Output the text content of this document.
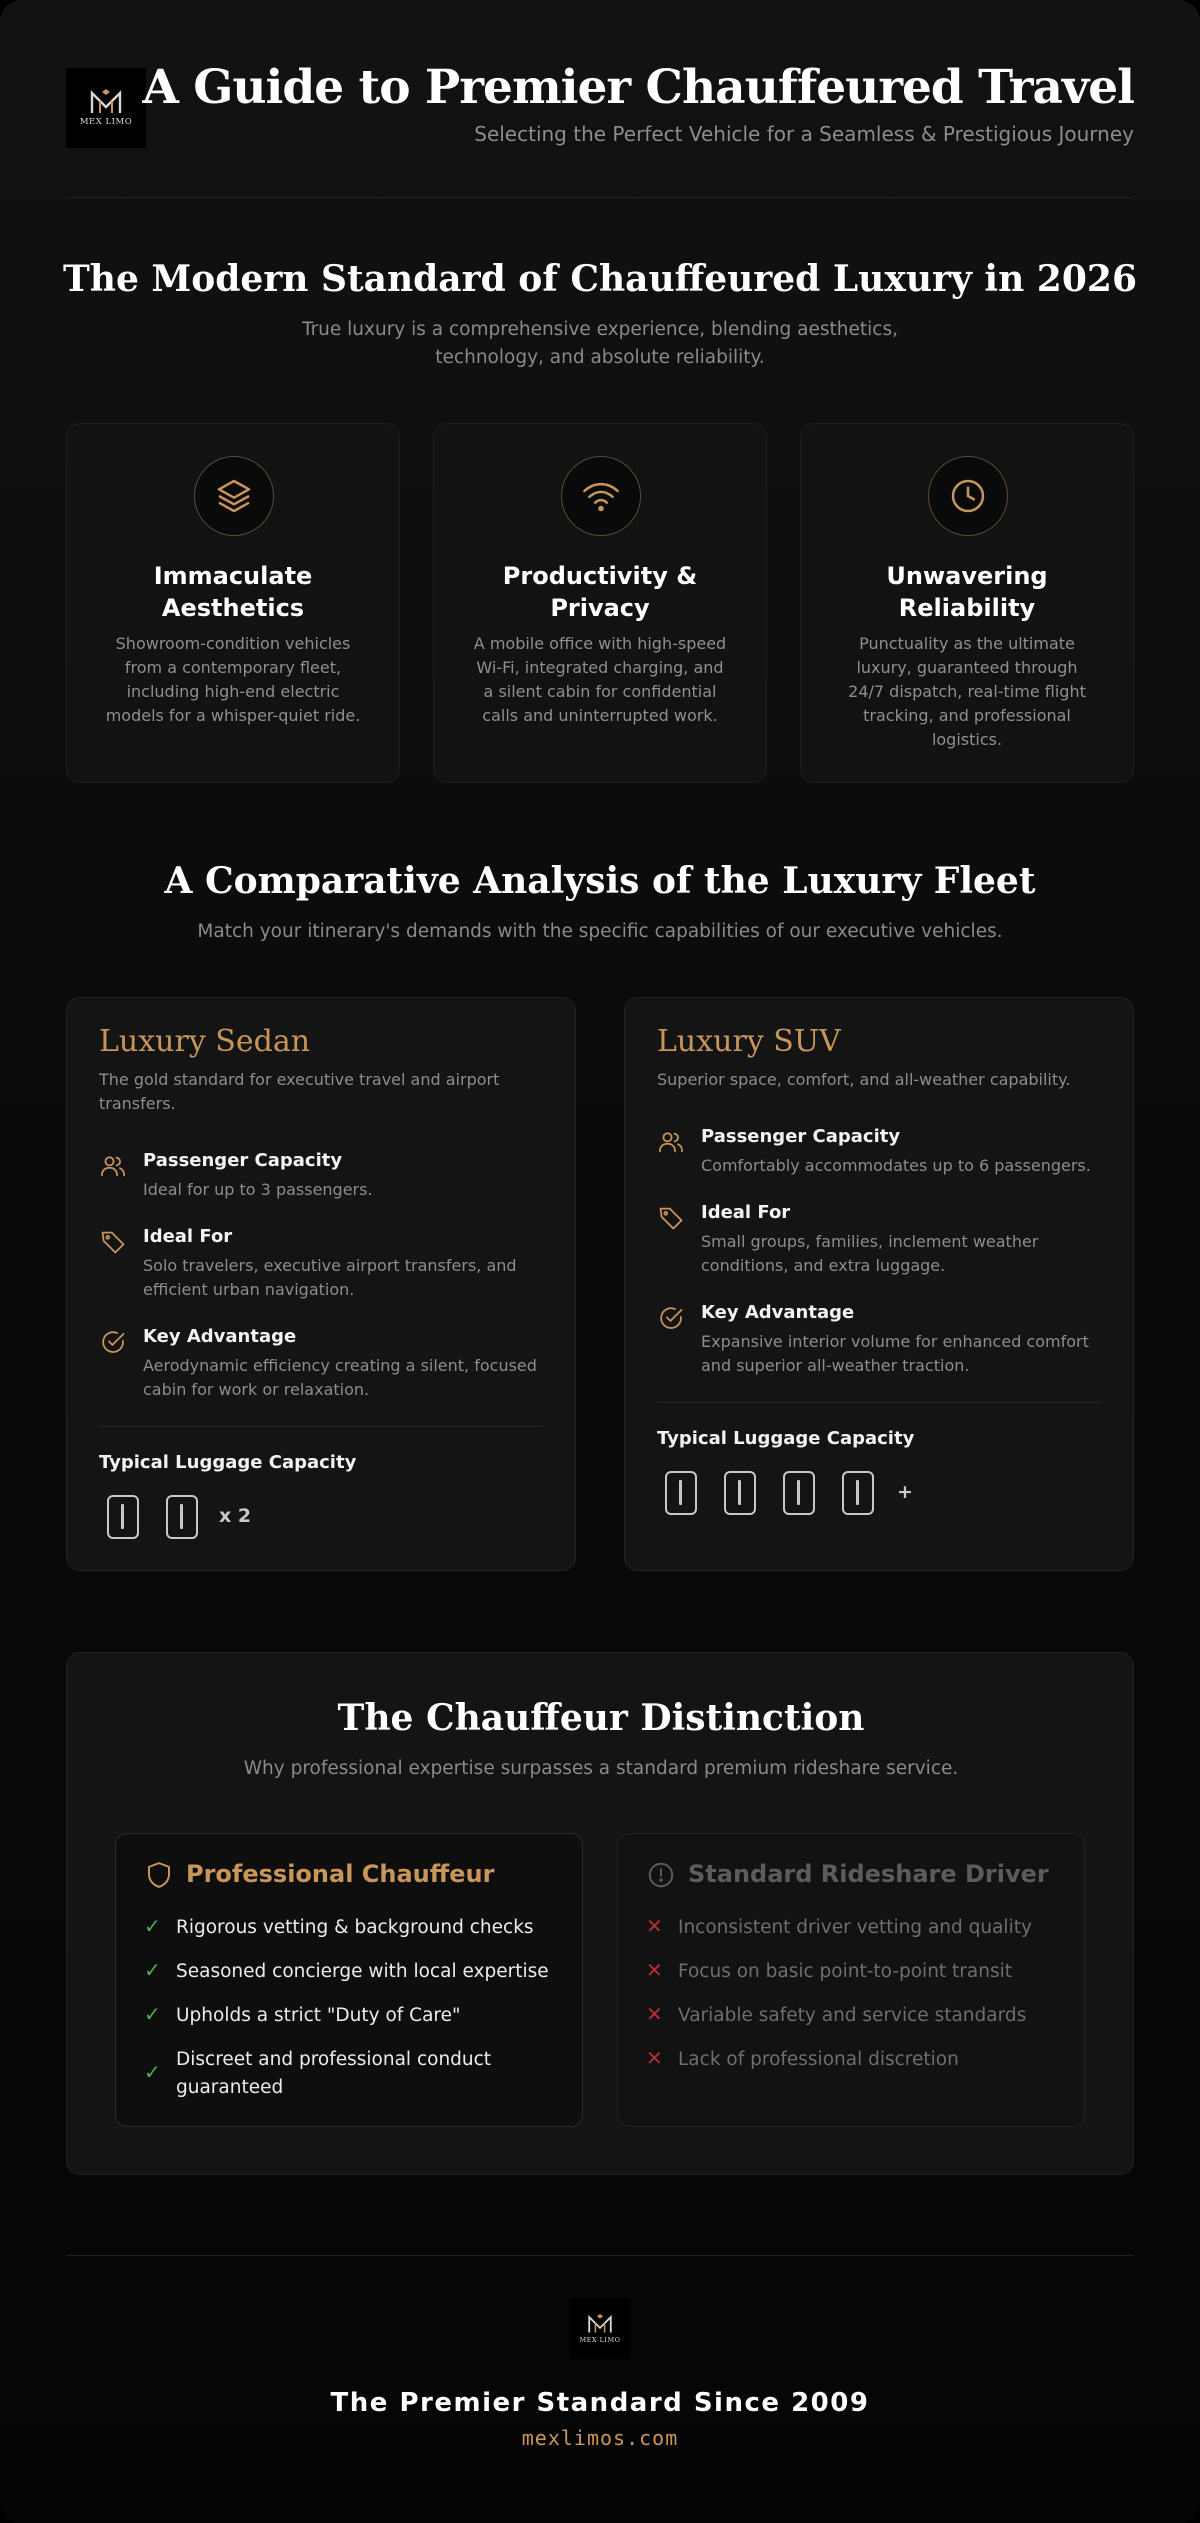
MEX LIMO
A Guide to Premier Chauffeured Travel
Selecting the Perfect Vehicle for a Seamless & Prestigious Journey
The Modern Standard of Chauffeured Luxury in 2026
True luxury is a comprehensive experience, blending aesthetics, technology, and absolute reliability.
Immaculate Aesthetics
Showroom-condition vehicles from a contemporary fleet, including high-end electric models for a whisper-quiet ride.
Productivity & Privacy
A mobile office with high-speed Wi-Fi, integrated charging, and a silent cabin for confidential calls and uninterrupted work.
Unwavering Reliability
Punctuality as the ultimate luxury, guaranteed through 24/7 dispatch, real-time flight tracking, and professional logistics.
A Comparative Analysis of the Luxury Fleet
Match your itinerary's demands with the specific capabilities of our executive vehicles.
Luxury Sedan
The gold standard for executive travel and airport transfers.
Passenger Capacity
Ideal for up to 3 passengers.
Ideal For
Solo travelers, executive airport transfers, and efficient urban navigation.
Key Advantage
Aerodynamic efficiency creating a silent, focused cabin for work or relaxation.
Typical Luggage Capacity
x 2
Luxury SUV
Superior space, comfort, and all-weather capability.
Passenger Capacity
Comfortably accommodates up to 6 passengers.
Ideal For
Small groups, families, inclement weather conditions, and extra luggage.
Key Advantage
Expansive interior volume for enhanced comfort and superior all-weather traction.
Typical Luggage Capacity
+
The Chauffeur Distinction
Why professional expertise surpasses a standard premium rideshare service.
Professional Chauffeur
✓ Rigorous vetting & background checks
✓ Seasoned concierge with local expertise
✓ Upholds a strict "Duty of Care"
✓
Discreet and professional conduct guaranteed
Standard Rideshare Driver
✕ Inconsistent driver vetting and quality
✕ Focus on basic point-to-point transit
✕ Variable safety and service standards
✕ Lack of professional discretion
MEX LIMO
The Premier Standard Since 2009
mexlimos.com
